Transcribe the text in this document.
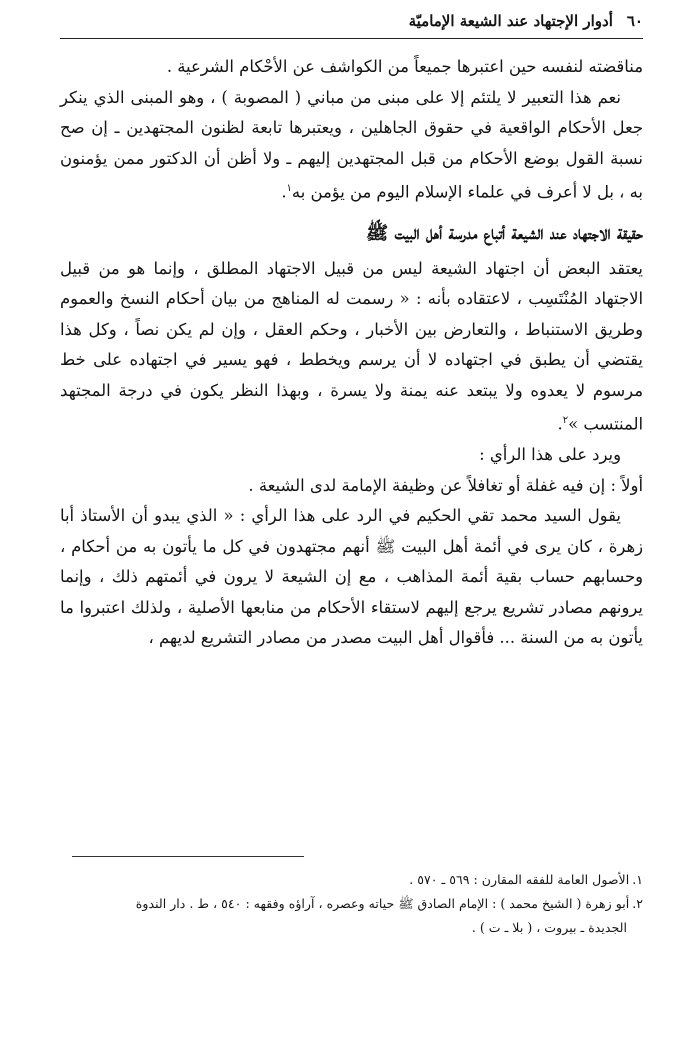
٦٠
أدوار الإجتهاد عند الشيعة الإماميّة

مناقضته لنفسه حين اعتبرها جميعاً من الكواشف عن الأحْكام الشرعية .

نعم هذا التعبير لا يلتئم إلا على مبنى من مباني ( المصوبة ) ، وهو المبنى الذي ينكر جعل الأحكام الواقعية في حقوق الجاهلين ، ويعتبرها تابعة لظنون المجتهدين ـ إن صح نسبة القول بوضع الأحكام من قبل المجتهدين إليهم ـ ولا أظن أن الدكتور ممن يؤمنون به ، بل لا أعرف في علماء الإسلام اليوم من يؤمن به$^١$.

حقيقة الاجتهاد عند الشيعة أتباع مدرسة أهل البيت ﷺ

يعتقد البعض أن اجتهاد الشيعة ليس من قبيل الاجتهاد المطلق ، وإنما هو من قبيل الاجتهاد المُنْتَسِب ، لاعتقاده بأنه : « رسمت له المناهج من بيان أحكام النسخ والعموم وطريق الاستنباط ، والتعارض بين الأخبار ، وحكم العقل ، وإن لم يكن نصاً ، وكل هذا يقتضي أن يطبق في اجتهاده لا أن يرسم ويخطط ، فهو يسير في اجتهاده على خط مرسوم لا يعدوه ولا يبتعد عنه يمنة ولا يسرة ، وبهذا النظر يكون في درجة المجتهد المنتسب »$^٢$.

ويرد على هذا الرأي :

أولاً : إن فيه غفلة أو تغافلاً عن وظيفة الإمامة لدى الشيعة .

يقول السيد محمد تقي الحكيم في الرد على هذا الرأي : « الذي يبدو أن الأستاذ أبا زهرة ، كان يرى في أئمة أهل البيت ﷺ أنهم مجتهدون في كل ما يأتون به من أحكام ، وحسابهم حساب بقية أئمة المذاهب ، مع إن الشيعة لا يرون في أئمتهم ذلك ، وإنما يرونهم مصادر تشريع يرجع إليهم لاستقاء الأحكام من منابعها الأصلية ، ولذلك اعتبروا ما يأتون به من السنة ... فأقوال أهل البيت مصدر من مصادر التشريع لديهم ،

١.الأصول العامة للفقه المقارن : ٥٦٩ ـ ٥٧٠ .

٢.أبو زهرة ( الشيخ محمد ) : الإمام الصادق ﷺ حياته وعصره ، آراؤه وفقهه : ٥٤٠ ، ط . دار الندوة

الجديدة ـ بيروت ، ( بلا ـ ت ) .
